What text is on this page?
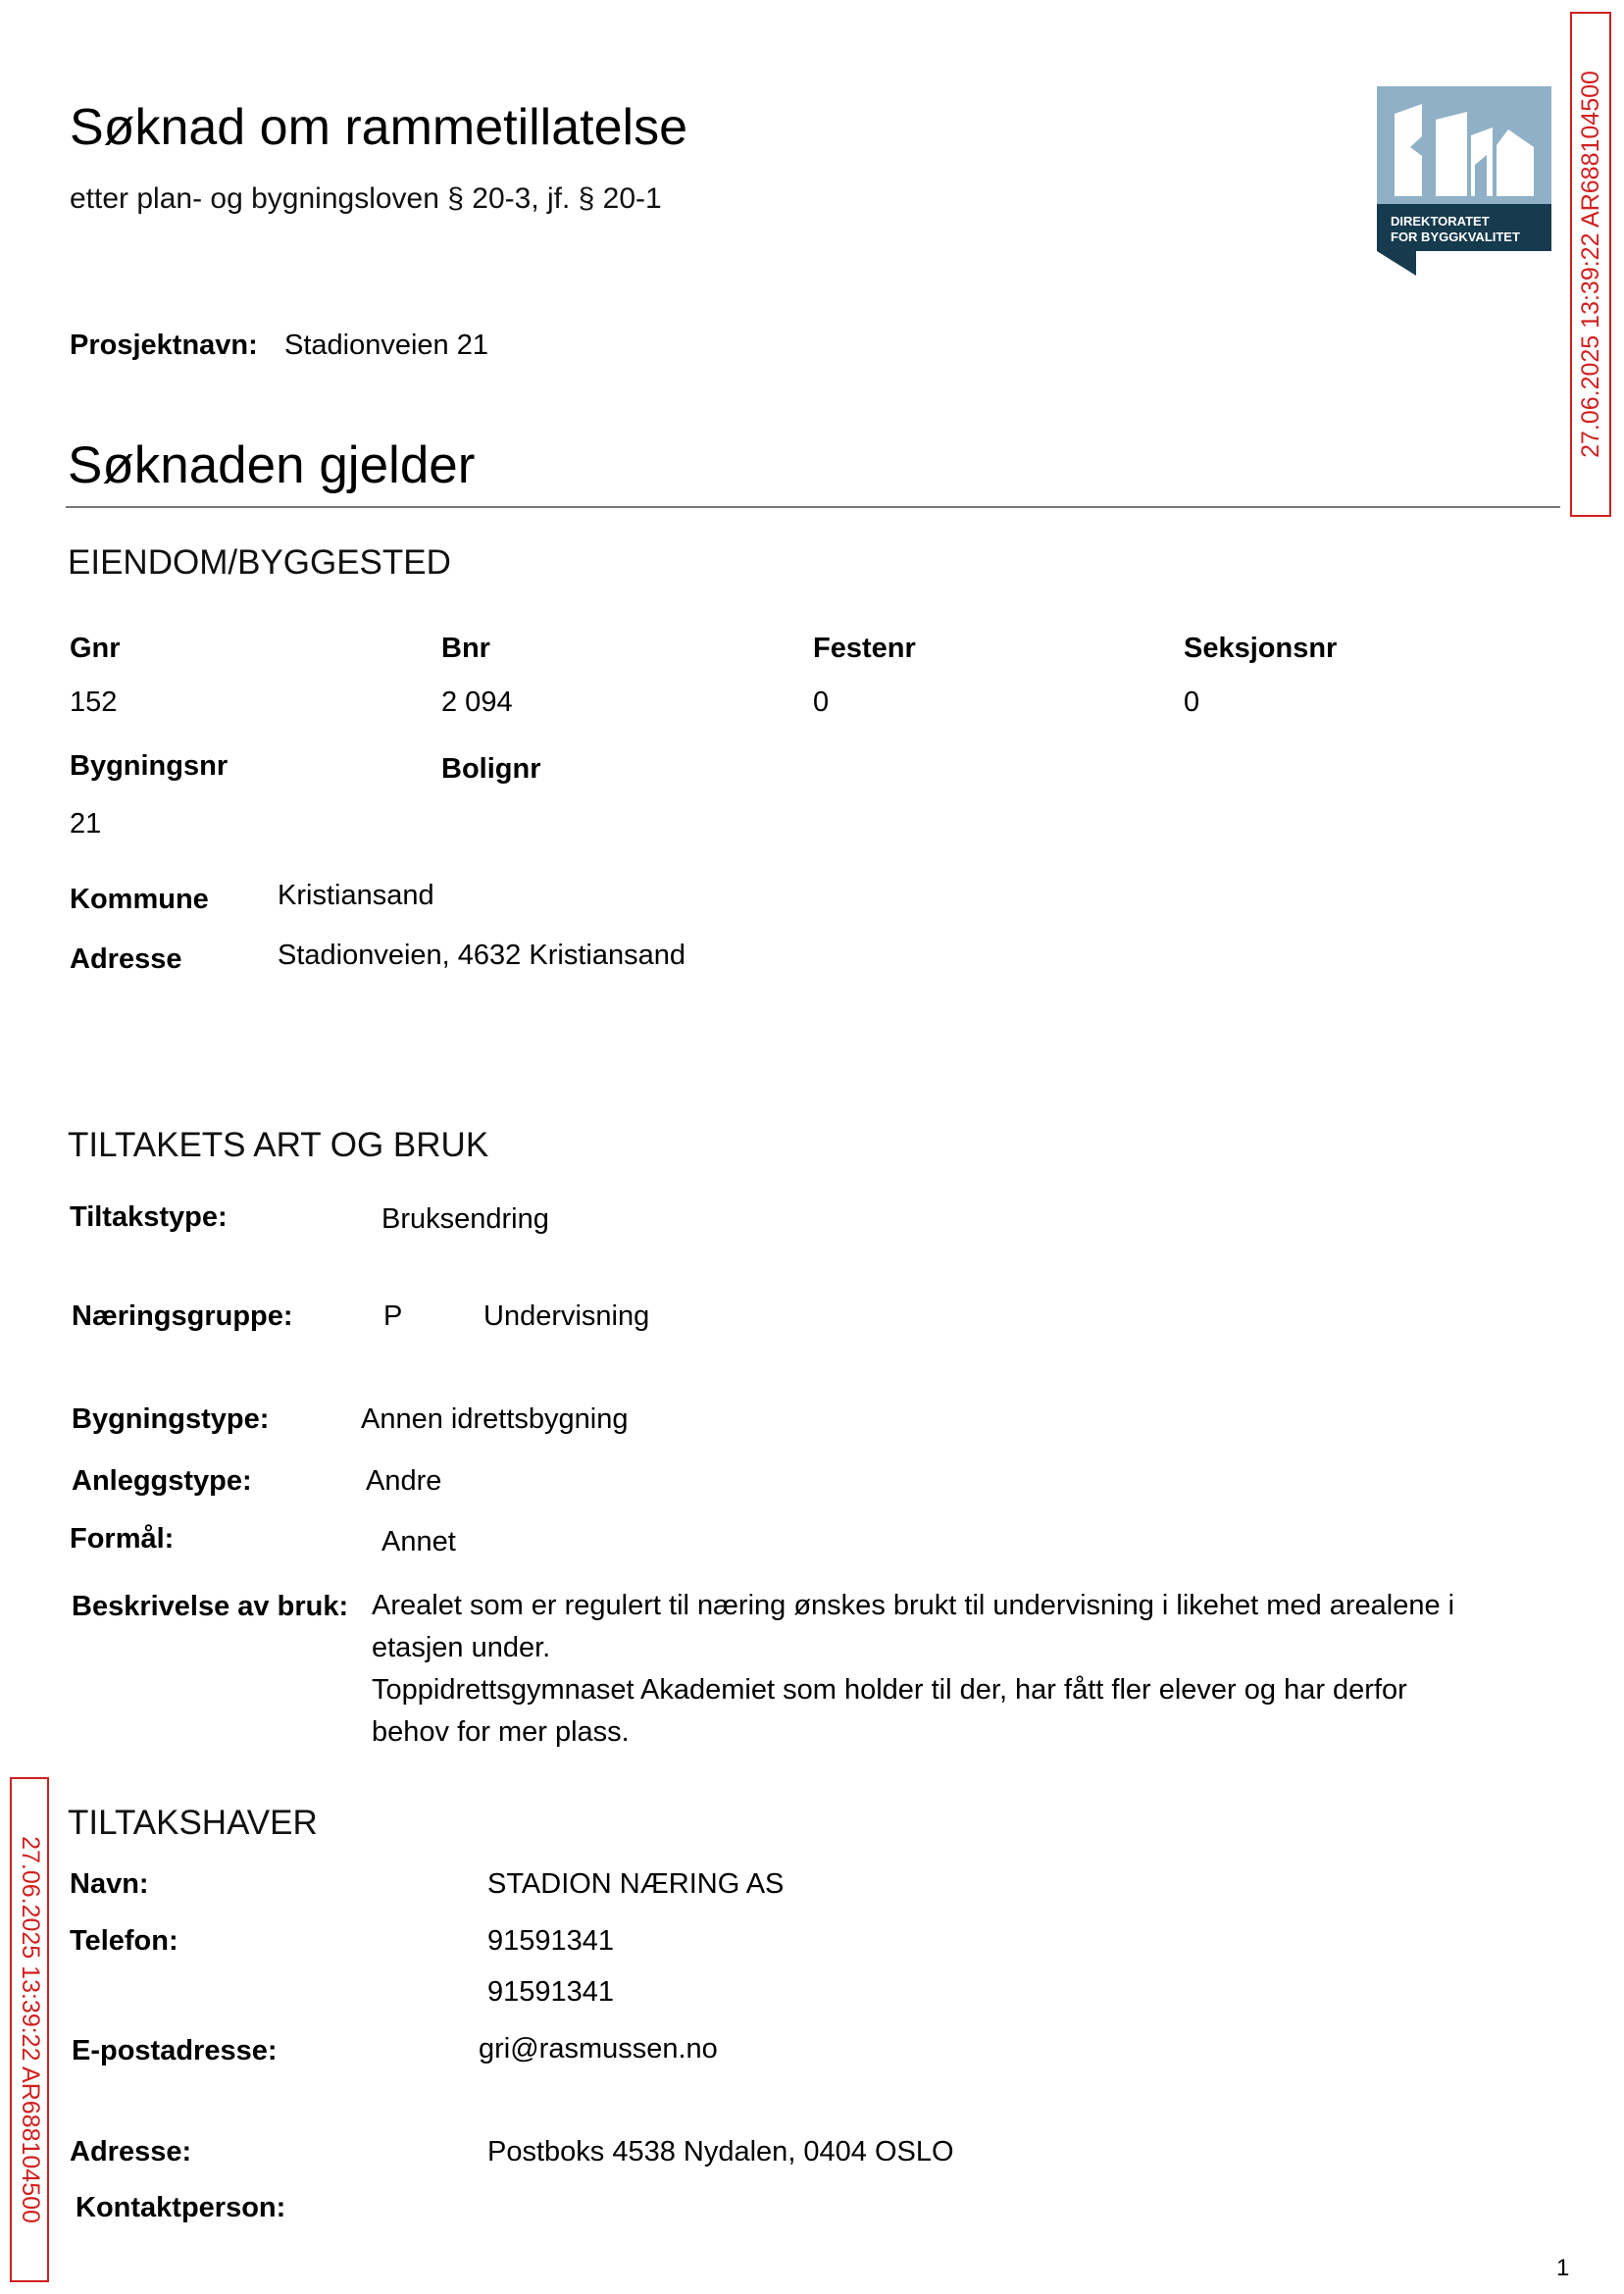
Søknad om rammetillatelse
etter plan- og bygningsloven § 20-3, jf. § 20-1
Prosjektnavn: Stadionveien 21
DIREKTORATET
FOR BYGGKVALITET 27.06.2025 13:39:22 AR688104500
27.06.2025 13:39:22 AR688104500
Søknaden gjelder
EIENDOM/BYGGESTED
Gnr	Bnr	Festenr	Seksjonsnr
152	2 094	0	0
Bygningsnr	Bolignr
21
Kommune Kristiansand
Adresse	Stadionveien, 4632 Kristiansand
TILTAKETS ART OG BRUK
Tiltakstype:	Bruksendring
Næringsgruppe:	P	Undervisning
Bygningstype:	Annen idrettsbygning
Anleggstype:	Andre
Formål:	Annet
Beskrivelse av bruk: Arealet som er regulert til næring ønskes brukt til undervisning i likehet med arealene i
etasjen under.
Toppidrettsgymnaset Akademiet som holder til der, har fått fler elever og har derfor
behov for mer plass.
TILTAKSHAVER
Navn:	STADION NÆRING AS
Telefon:	91591341
91591341
E-postadresse:	gri@rasmussen.no
Adresse:	Postboks 4538 Nydalen, 0404 OSLO
Kontaktperson:
1
